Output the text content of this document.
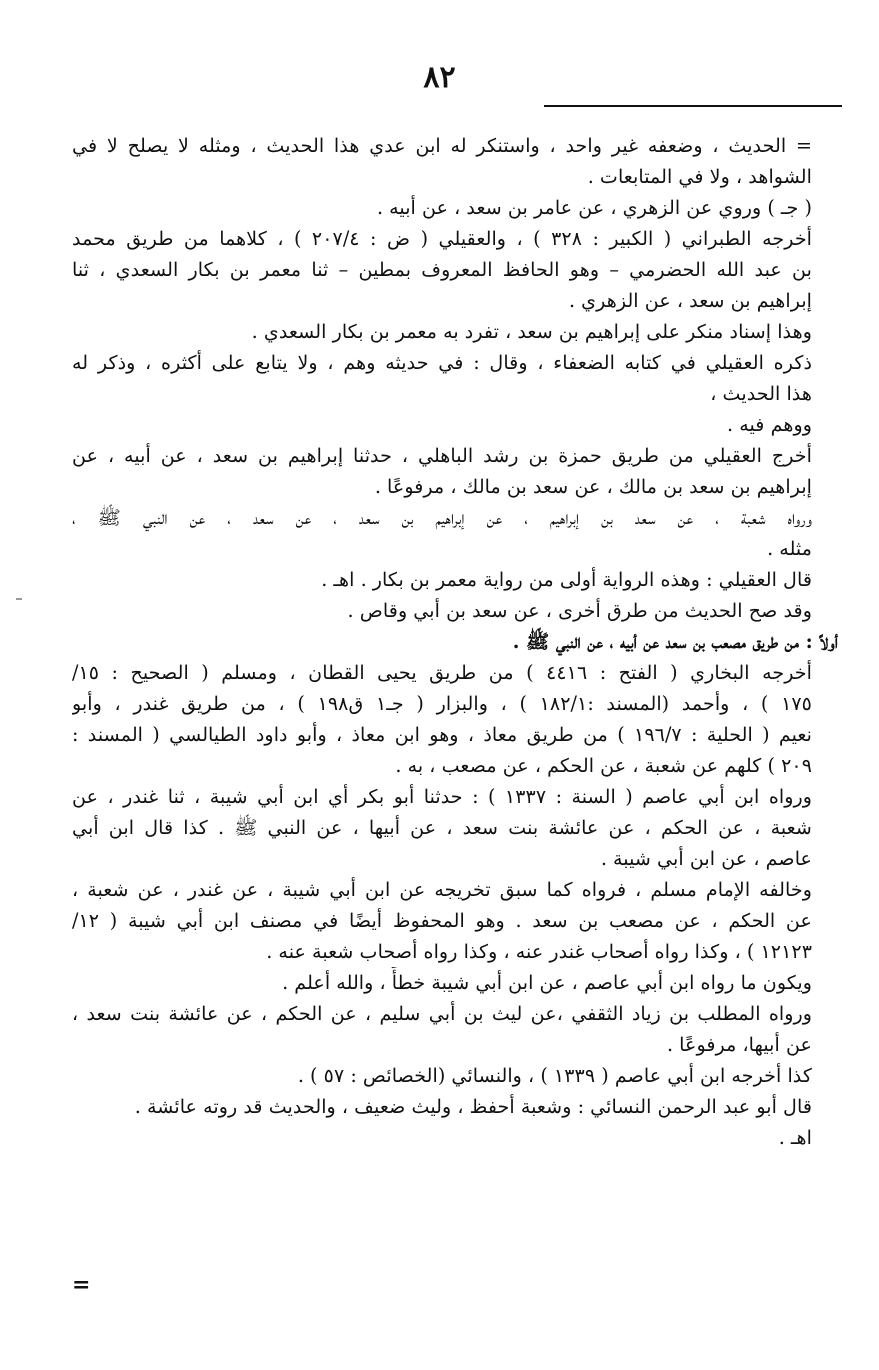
٨٢
= الحديث ، وضعفه غير واحد ، واستنكر له ابن عدي هذا الحديث ، ومثله لا يصلح لا في
الشواهد ، ولا في المتابعات .
( جـ ) وروي عن الزهري ، عن عامر بن سعد ، عن أبيه .
أخرجه الطبراني ( الكبير : ٣٢٨ ) ، والعقيلي ( ض : ٢٠٧/٤ ) ، كلاهما من طريق محمد
بن عبد الله الحضرمي – وهو الحافظ المعروف بمطين – ثنا معمر بن بكار السعدي ، ثنا
إبراهيم بن سعد ، عن الزهري .
وهذا إسناد منكر على إبراهيم بن سعد ، تفرد به معمر بن بكار السعدي .
ذكره العقيلي في كتابه الضعفاء ، وقال : في حديثه وهم ، ولا يتابع على أكثره ، وذكر له
هذا الحديث ،
ووهم فيه .
أخرج العقيلي من طريق حمزة بن رشد الباهلي ، حدثنا إبراهيم بن سعد ، عن أبيه ، عن
إبراهيم بن سعد بن مالك ، عن سعد بن مالك ، مرفوعًا .
ورواه شعبة ، عن سعد بن إبراهيم ، عن إبراهيم بن سعد ، عن سعد ، عن النبي ﷺ ،
مثله .
قال العقيلي : وهذه الرواية أولى من رواية معمر بن بكار . اهـ .
وقد صح الحديث من طرق أخرى ، عن سعد بن أبي وقاص .
أولاً : من طريق مصعب بن سعد عن أبيه ، عن النبي ﷺ .
أخرجه البخاري ( الفتح : ٤٤١٦ ) من طريق يحيى القطان ، ومسلم ( الصحيح : ١٥/
١٧٥ ) ، وأحمد (المسند :١٨٢/١ ) ، والبزار ( جـ١ ق١٩٨ ) ، من طريق غندر ، وأبو
نعيم ( الحلية : ١٩٦/٧ ) من طريق معاذ ، وهو ابن معاذ ، وأبو داود الطيالسي ( المسند :
٢٠٩ ) كلهم عن شعبة ، عن الحكم ، عن مصعب ، به .
ورواه ابن أبي عاصم ( السنة : ١٣٣٧ ) : حدثنا أبو بكر أي ابن أبي شيبة ، ثنا غندر ، عن
شعبة ، عن الحكم ، عن عائشة بنت سعد ، عن أبيها ، عن النبي ﷺ . كذا قال ابن أبي
عاصم ، عن ابن أبي شيبة .
وخالفه الإمام مسلم ، فرواه كما سبق تخريجه عن ابن أبي شيبة ، عن غندر ، عن شعبة ،
عن الحكم ، عن مصعب بن سعد . وهو المحفوظ أيضًا في مصنف ابن أبي شيبة ( ١٢/
١٢١٢٣ ) ، وكذا رواه أصحاب غندر عنه ، وكذا رواه أصحاب شعبة عنه .
ويكون ما رواه ابن أبي عاصم ، عن ابن أبي شيبة خطأً ، والله أعلم .
ورواه المطلب بن زياد الثقفي ،عن ليث بن أبي سليم ، عن الحكم ، عن عائشة بنت سعد ،
عن أبيها، مرفوعًا .
كذا أخرجه ابن أبي عاصم ( ١٣٣٩ ) ، والنسائي (الخصائص : ٥٧ ) .
قال أبو عبد الرحمن النسائي : وشعبة أحفظ ، وليث ضعيف ، والحديث قد روته عائشة .
اهـ .
=
